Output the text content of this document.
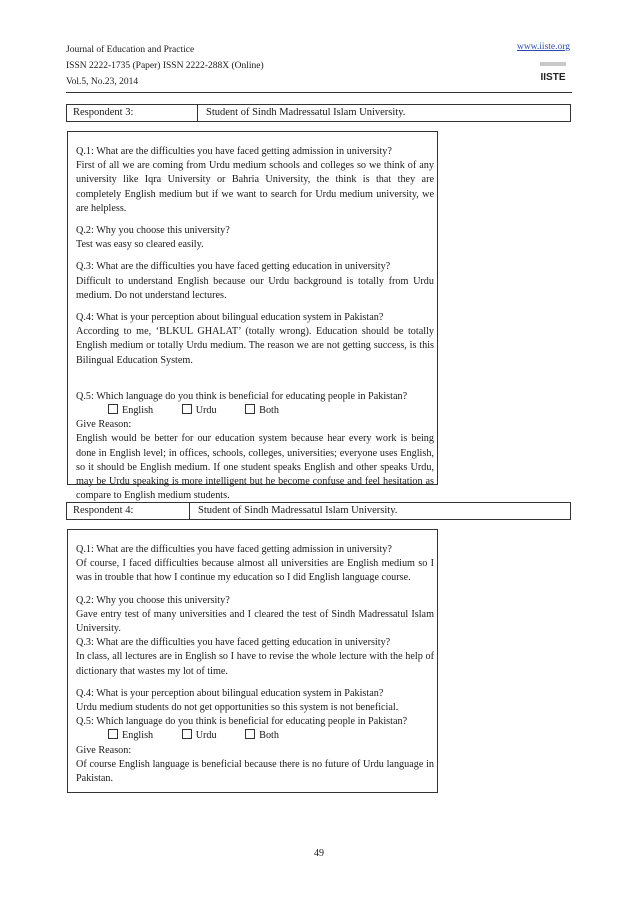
Journal of Education and Practice
ISSN 2222-1735 (Paper) ISSN 2222-288X (Online)
Vol.5, No.23, 2014
www.iiste.org
IISTE
Respondent 3:	Student of Sindh Madressatul Islam University.

Q.1: What are the difficulties you have faced getting admission in university?

First of all we are coming from Urdu medium schools and colleges so we think of any university like Iqra University or Bahria University, the think is that they are completely English medium but if we want to search for Urdu medium university, we are helpless.

Q.2: Why you choose this university?

Test was easy so cleared easily.

Q.3: What are the difficulties you have faced getting education in university?

Difficult to understand English because our Urdu background is totally from Urdu medium. Do not understand lectures.

Q.4: What is your perception about bilingual education system in Pakistan?

According to me, ‘BLKUL GHALAT’ (totally wrong). Education should be totally English medium or totally Urdu medium. The reason we are not getting success, is this Bilingual Education System.

Q.5: Which language do you think is beneficial for educating people in Pakistan?

English	Urdu	Both

Give Reason:

English would be better for our education system because hear every work is being done in English level; in offices, schools, colleges, universities; everyone uses English, so it should be English medium. If one student speaks English and other speaks Urdu, may be Urdu speaking is more intelligent but he become confuse and feel hesitation as compare to English medium students.

Respondent 4:	Student of Sindh Madressatul Islam University.

Q.1: What are the difficulties you have faced getting admission in university?

Of course, I faced difficulties because almost all universities are English medium so I was in trouble that how I continue my education so I did English language course.

Q.2: Why you choose this university?

Gave entry test of many universities and I cleared the test of Sindh Madressatul Islam University.

Q.3: What are the difficulties you have faced getting education in university?

In class, all lectures are in English so I have to revise the whole lecture with the help of dictionary that wastes my lot of time.

Q.4: What is your perception about bilingual education system in Pakistan?

Urdu medium students do not get opportunities so this system is not beneficial.

Q.5: Which language do you think is beneficial for educating people in Pakistan?

English	Urdu	Both

Give Reason:

Of course English language is beneficial because there is no future of Urdu language in Pakistan.

49
